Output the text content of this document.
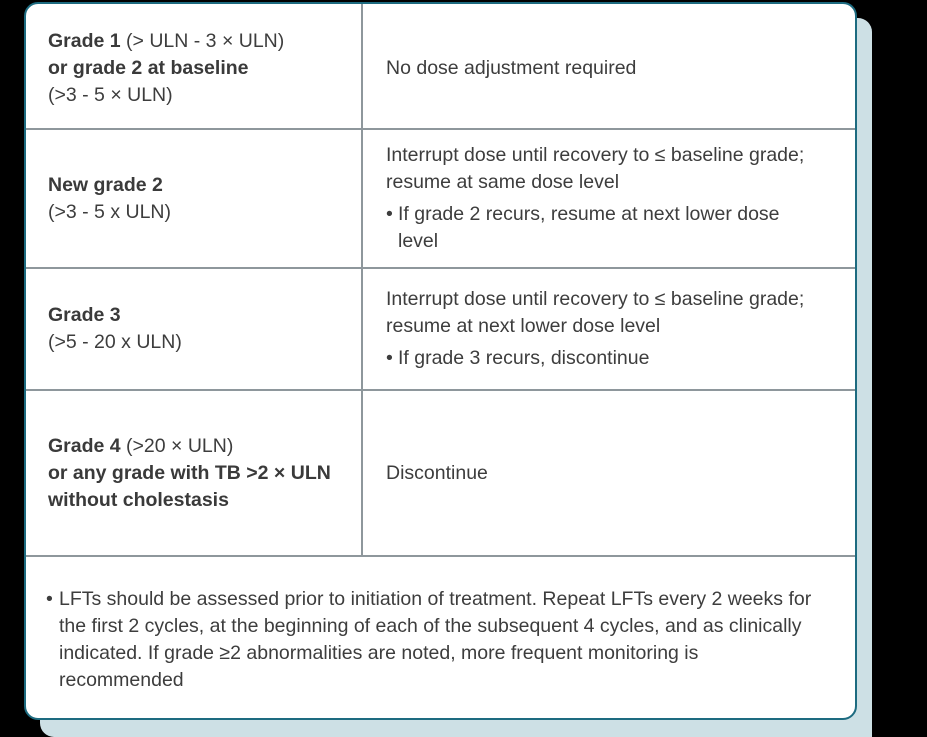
Grade 1 (> ULN - 3 × ULN)
or grade 2 at baseline
(>3 - 5 × ULN)
No dose adjustment required
New grade 2
(>3 - 5 x ULN)
Interrupt dose until recovery to ≤ baseline grade; resume at same dose level
• If grade 2 recurs, resume at next lower dose level
Grade 3
(>5 - 20 x ULN)
Interrupt dose until recovery to ≤ baseline grade; resume at next lower dose level
• If grade 3 recurs, discontinue
Grade 4 (>20 × ULN)
or any grade with TB >2 × ULN
without cholestasis
Discontinue
• LFTs should be assessed prior to initiation of treatment. Repeat LFTs every 2 weeks for the first 2 cycles, at the beginning of each of the subsequent 4 cycles, and as clinically indicated. If grade ≥2 abnormalities are noted, more frequent monitoring is recommended
